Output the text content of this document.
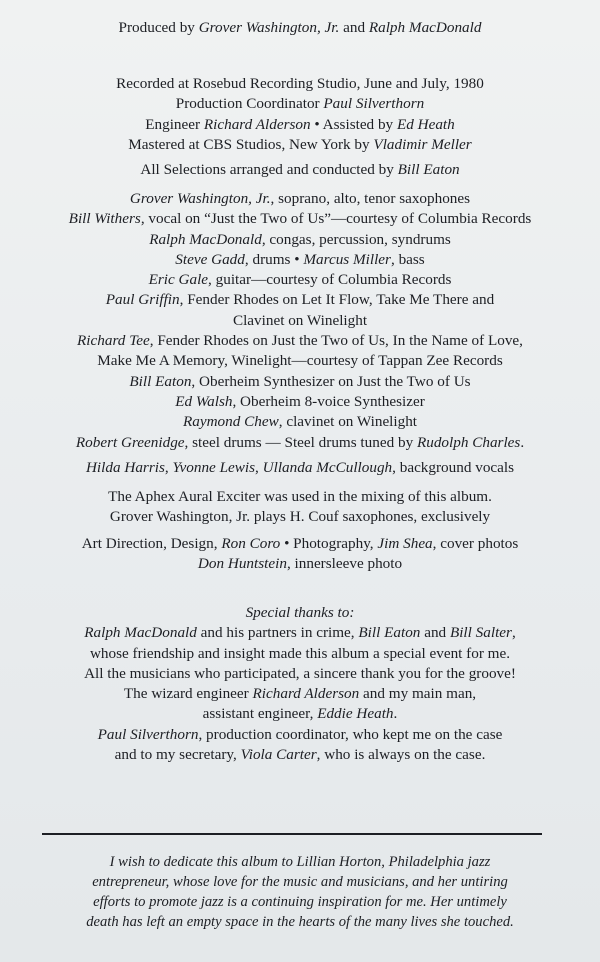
Produced by Grover Washington, Jr. and Ralph MacDonald
Recorded at Rosebud Recording Studio, June and July, 1980
Production Coordinator Paul Silverthorn
Engineer Richard Alderson • Assisted by Ed Heath
Mastered at CBS Studios, New York by Vladimir Meller
All Selections arranged and conducted by Bill Eaton
Grover Washington, Jr., soprano, alto, tenor saxophones
Bill Withers, vocal on “Just the Two of Us”—courtesy of Columbia Records
Ralph MacDonald, congas, percussion, syndrums
Steve Gadd, drums • Marcus Miller, bass
Eric Gale, guitar—courtesy of Columbia Records
Paul Griffin, Fender Rhodes on Let It Flow, Take Me There and
Clavinet on Winelight
Richard Tee, Fender Rhodes on Just the Two of Us, In the Name of Love,
Make Me A Memory, Winelight—courtesy of Tappan Zee Records
Bill Eaton, Oberheim Synthesizer on Just the Two of Us
Ed Walsh, Oberheim 8-voice Synthesizer
Raymond Chew, clavinet on Winelight
Robert Greenidge, steel drums — Steel drums tuned by Rudolph Charles.
Hilda Harris, Yvonne Lewis, Ullanda McCullough, background vocals
The Aphex Aural Exciter was used in the mixing of this album.
Grover Washington, Jr. plays H. Couf saxophones, exclusively
Art Direction, Design, Ron Coro • Photography, Jim Shea, cover photos
Don Huntstein, innersleeve photo
Special thanks to:
Ralph MacDonald and his partners in crime, Bill Eaton and Bill Salter,
whose friendship and insight made this album a special event for me.
All the musicians who participated, a sincere thank you for the groove!
The wizard engineer Richard Alderson and my main man,
assistant engineer, Eddie Heath.
Paul Silverthorn, production coordinator, who kept me on the case
and to my secretary, Viola Carter, who is always on the case.
I wish to dedicate this album to Lillian Horton, Philadelphia jazz
entrepreneur, whose love for the music and musicians, and her untiring
efforts to promote jazz is a continuing inspiration for me. Her untimely
death has left an empty space in the hearts of the many lives she touched.
